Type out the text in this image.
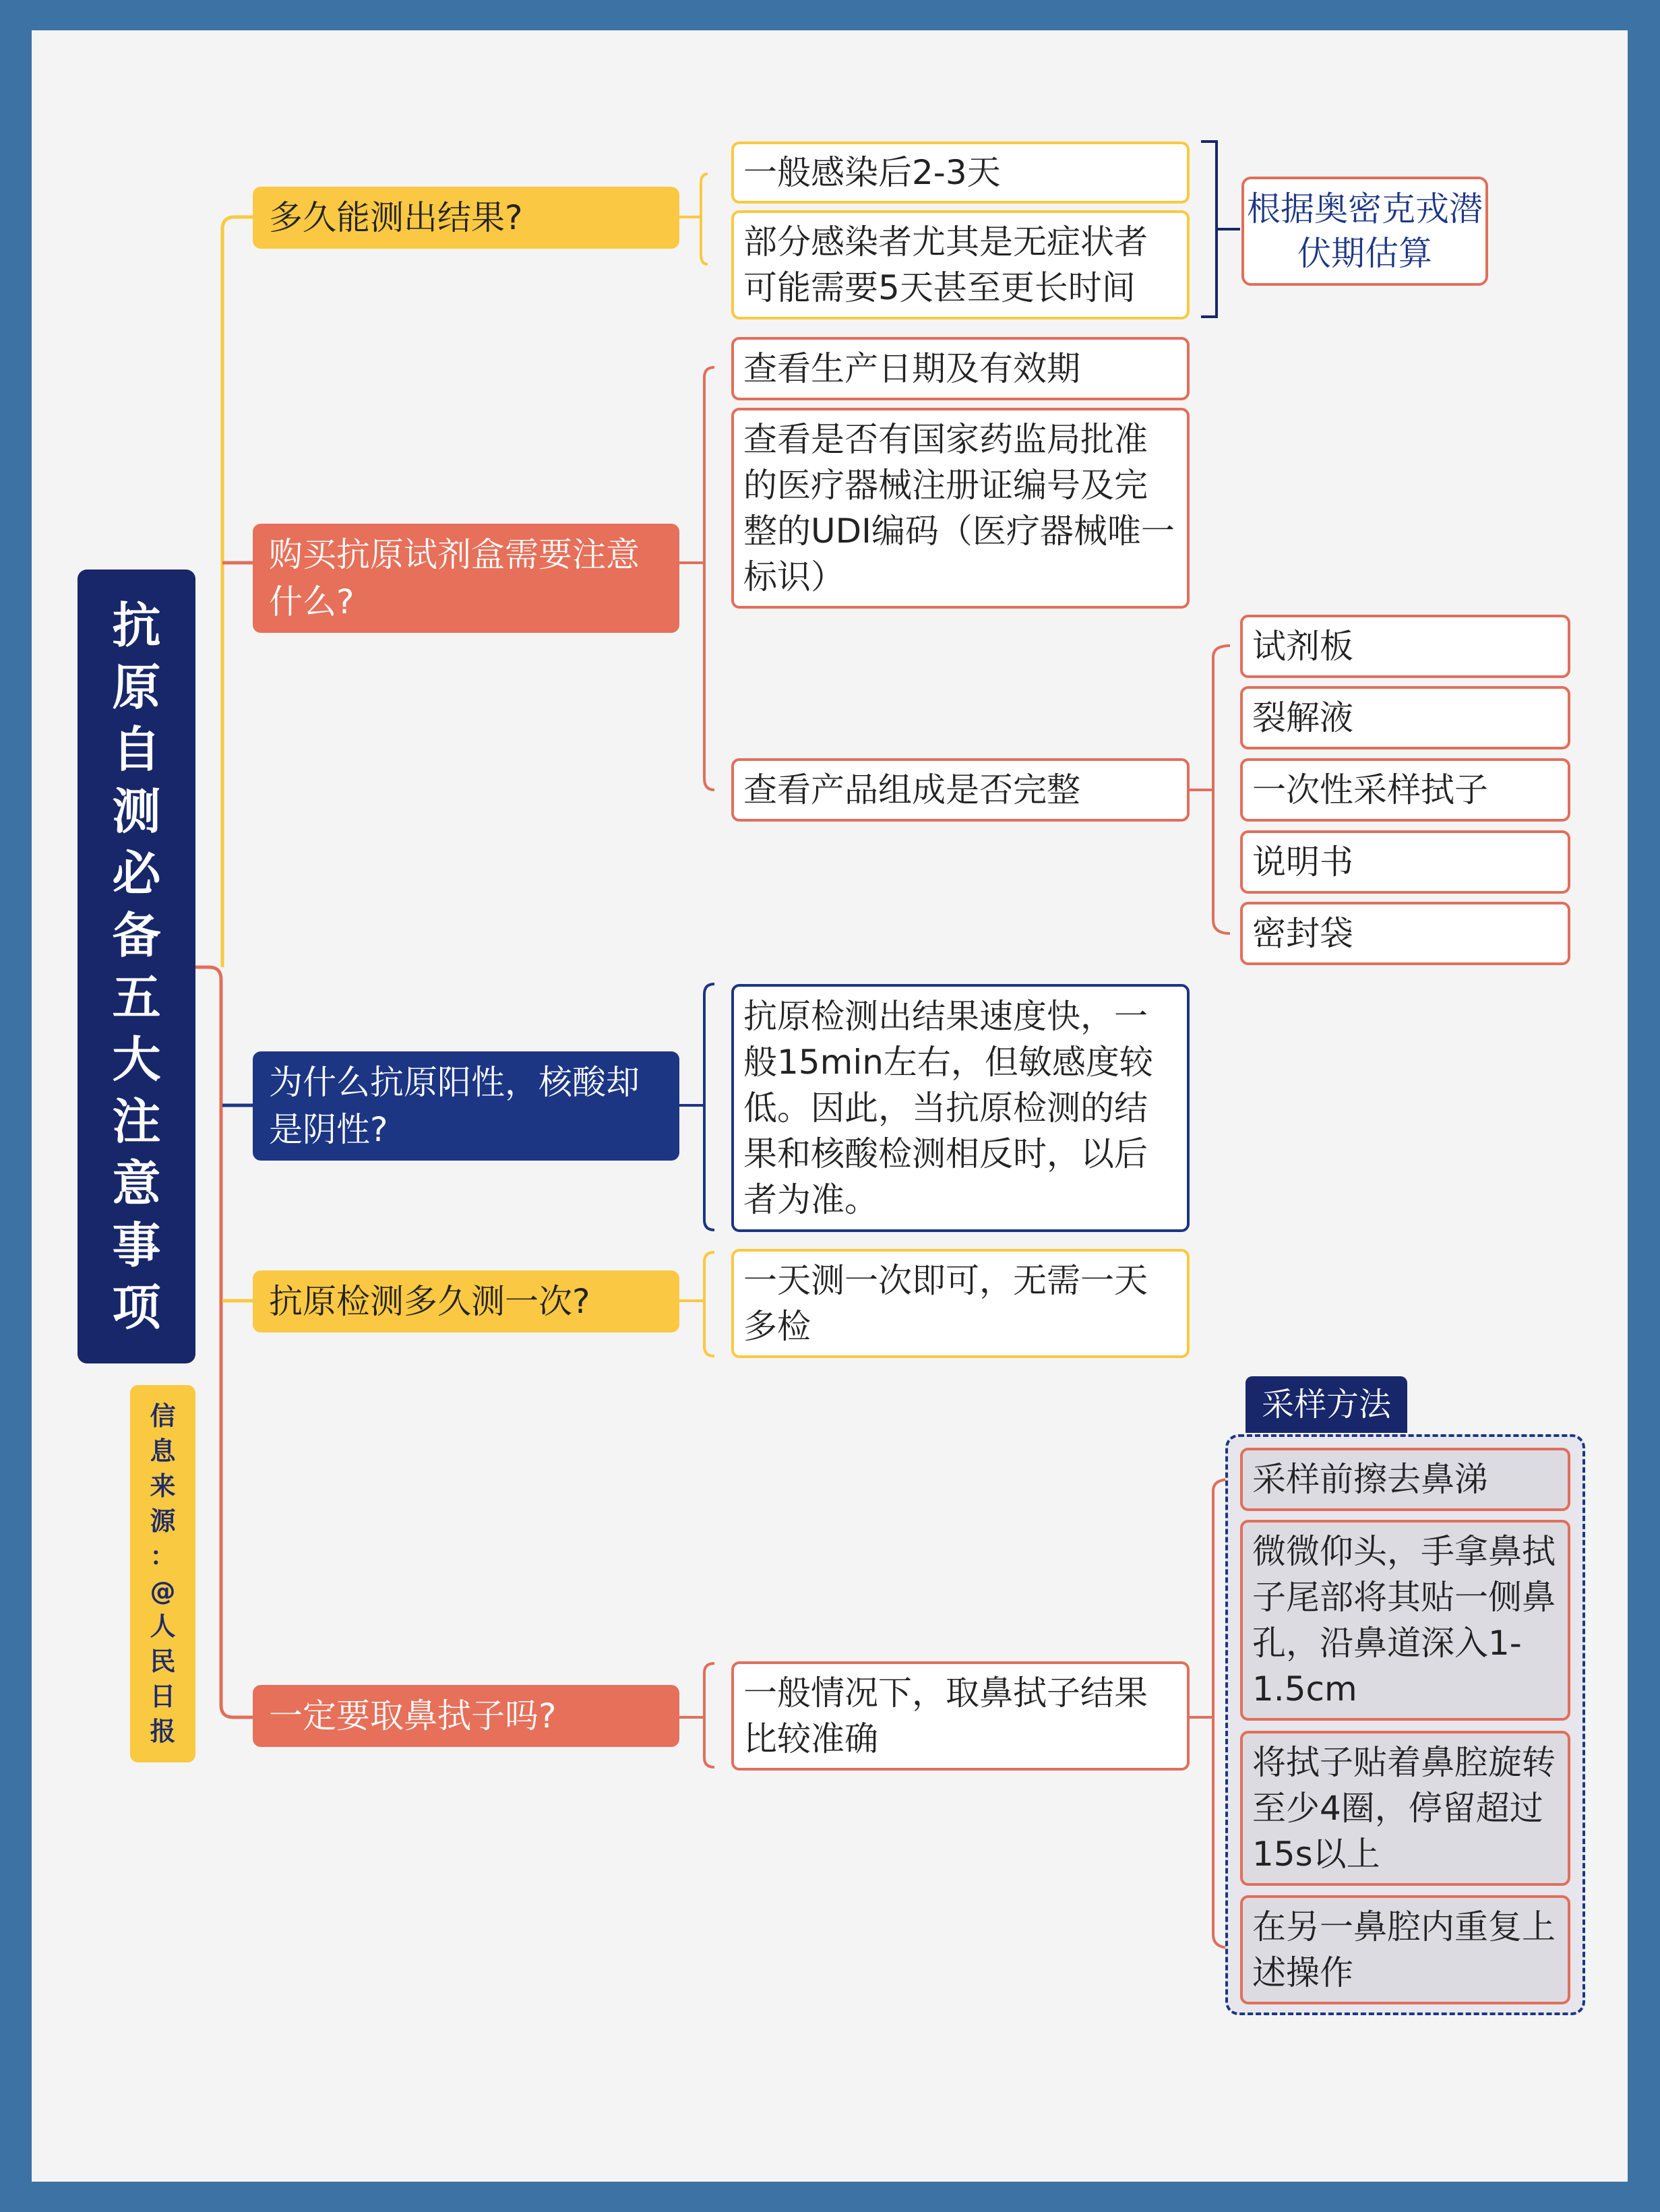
抗
原
自
测
必
备
五
大
注
意
事
项
信
息
来
源
：
@
人
民
日
报
多久能测出结果?
一般感染后2-3天
部分感染者尤其是无症状者可能需要5天甚至更长时间
根据奥密克戎潜伏期估算
购买抗原试剂盒需要注意什么?
查看生产日期及有效期
查看是否有国家药监局批准的医疗器械注册证编号及完整的UDI编码（医疗器械唯一标识）
查看产品组成是否完整
试剂板
裂解液
一次性采样拭子
说明书
密封袋
为什么抗原阳性，核酸却是阴性?
抗原检测出结果速度快，一般15min左右，但敏感度较低。因此，当抗原检测的结果和核酸检测相反时，以后者为准。
抗原检测多久测一次?
一天测一次即可，无需一天多检
一定要取鼻拭子吗?
一般情况下，取鼻拭子结果比较准确
采样方法
采样前擦去鼻涕
微微仰头，手拿鼻拭子尾部将其贴一侧鼻孔，沿鼻道深入1-1.5cm
将拭子贴着鼻腔旋转至少4圈，停留超过15s以上
在另一鼻腔内重复上述操作
